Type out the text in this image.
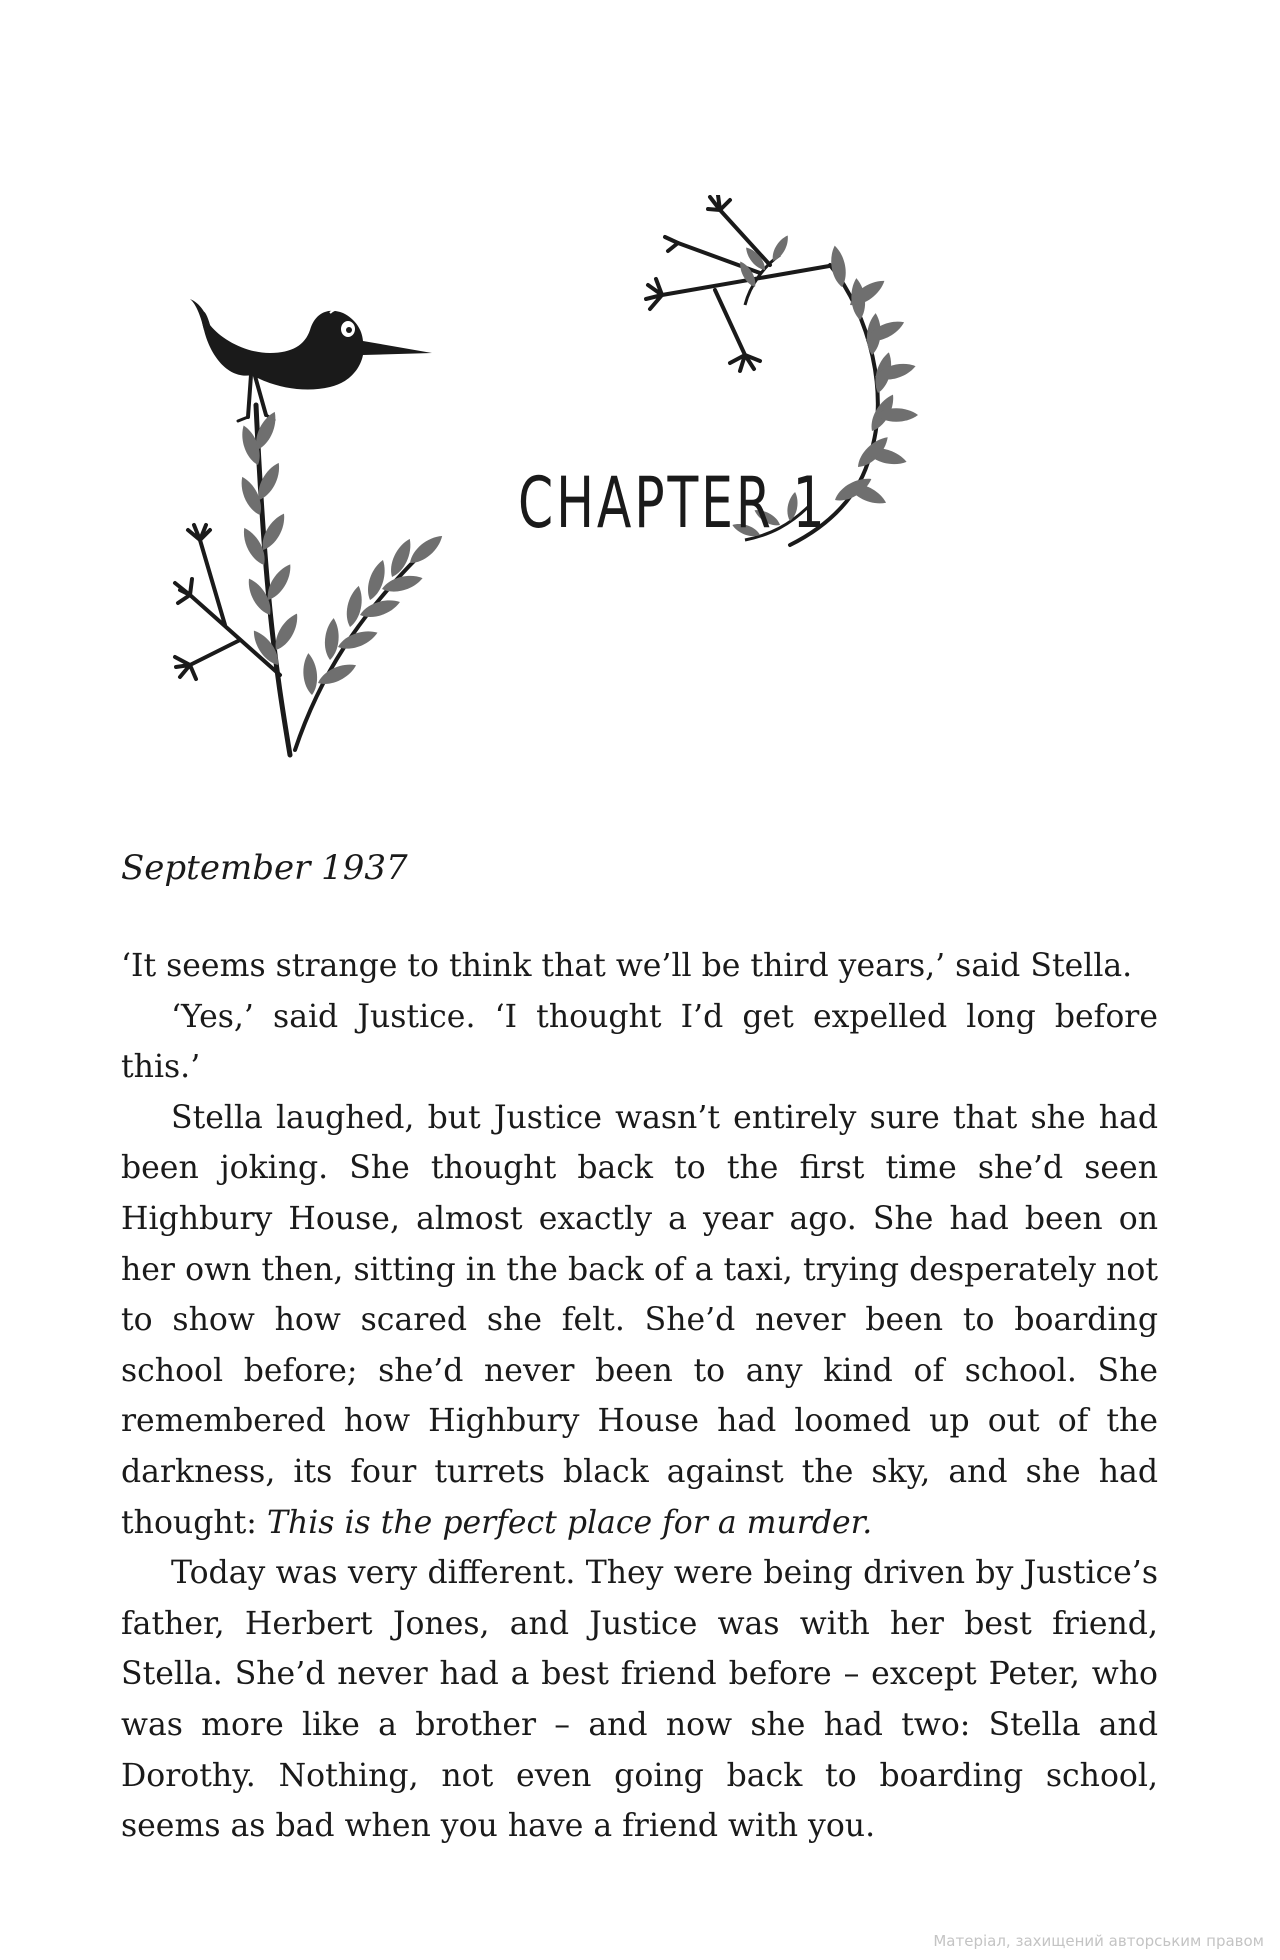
CHAPTER 1
September 1937

‘It seems strange to think that we’ll be third years,’ said Stella.

‘Yes,’ said Justice. ‘I thought I’d get expelled long before this.’

Stella laughed, but Justice wasn’t entirely sure that she had been joking. She thought back to the first time she’d seen Highbury House, almost exactly a year ago. She had been on her own then, sitting in the back of a taxi, trying desperately not to show how scared she felt. She’d never been to boarding school before; she’d never been to any kind of school. She remembered how Highbury House had loomed up out of the darkness, its four turrets black against the sky, and she had thought: This is the perfect place for a murder.

Today was very different. They were being driven by Justice’s father, Herbert Jones, and Justice was with her best friend, Stella. She’d never had a best friend before – except Peter, who was more like a brother – and now she had two: Stella and Dorothy. Nothing, not even going back to boarding school, seems as bad when you have a friend with you.

Матеріал, захищений авторським правом
